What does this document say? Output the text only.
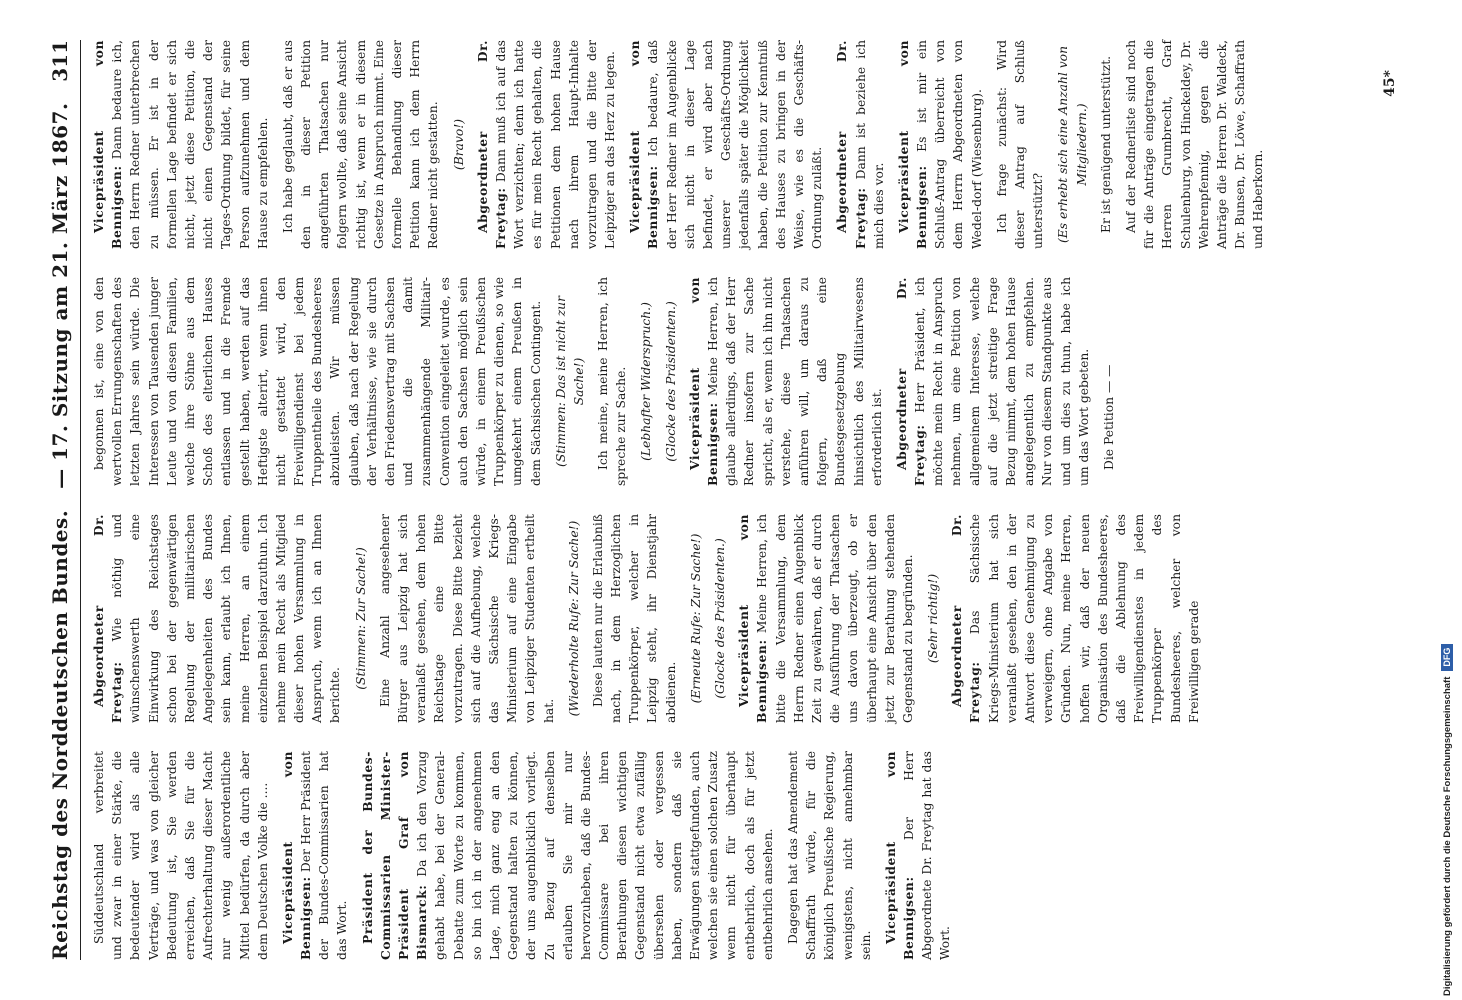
Reichstag des Norddeutschen Bundes.
— 17. Sitzung am 21. März 1867.
311

Süddeutschland verbreitet und zwar in einer Stärke, die bedeutender wird als alle Verträge, und was von gleicher Bedeutung ist, Sie werden erreichen, daß Sie für die Aufrechterhaltung dieser Macht nur wenig außerordentliche Mittel bedürfen, da durch aber dem Deutschen Volke die .... Vicepräsident von Bennigsen: Der Herr Präsident der Bundes-Commissarien hat das Wort. Präsident der Bundes-Commissarien Minister-Präsident Graf von Bismarck: Da ich den Vorzug gehabt habe, bei der General-Debatte zum Worte zu kommen, so bin ich in der angenehmen Lage, mich ganz eng an den Gegenstand halten zu können, der uns augenblicklich vorliegt. Zu Bezug auf denselben erlauben Sie mir nur hervorzuheben, daß die Bundes-Commissare bei ihren Berathungen diesen wichtigen Gegenstand nicht etwa zufällig übersehen oder vergessen haben, sondern daß sie Erwägungen stattgefunden, auch welchen sie einen solchen Zusatz wenn nicht für überhaupt entbehrlich, doch als für jetzt entbehrlich ansehen. Dagegen hat das Amendement Schaffrath würde, für die königlich Preußische Regierung, wenigstens, nicht annehmbar sein.

Vicepräsident von Bennigsen: Der Herr Abgeordnete Dr. Freytag hat das Wort.

Abgeordneter Dr. Freytag: Wie nöthig und wünschenswerth eine Einwirkung des Reichstages schon bei der gegenwärtigen Regelung der militairischen Angelegenheiten des Bundes sein kann, erlaubt ich Ihnen, meine Herren, an einem einzelnen Beispiel darzuthun. Ich nehme mein Recht als Mitglied dieser hohen Versammlung in Anspruch, wenn ich an Ihnen berichte.

(Stimmen: Zur Sache!) Eine Anzahl angesehener Bürger aus Leipzig hat sich veranlaßt gesehen, dem hohen Reichstage eine Bitte vorzutragen. Diese Bitte bezieht sich auf die Aufhebung, welche das Sächsische Kriegs-Ministerium auf eine Eingabe von Leipziger Studenten ertheilt hat. (Wiederholte Rufe: Zur Sache!) Diese lauten nur die Erlaubniß nach, in dem Herzoglichen Truppenkörper, welcher in Leipzig steht, ihr Dienstjahr abdienen. (Erneute Rufe: Zur Sache!) (Glocke des Präsidenten.) Vicepräsident von Bennigsen: Meine Herren, ich bitte die Versammlung, dem Herrn Redner einen Augenblick Zeit zu gewähren, daß er durch die Ausführung der Thatsachen uns davon überzeugt, ob er überhaupt eine Ansicht über den jetzt zur Berathung stehenden Gegenstand zu begründen. (Sehr richtig!) Abgeordneter Dr. Freytag: Das Sächsische Kriegs-Ministerium hat sich veranlaßt gesehen, den in der Antwort diese Genehmigung zu verweigern, ohne Angabe von Gründen. Nun, meine Herren, hoffen wir, daß der neuen Organisation des Bundesheeres, daß die Ablehnung des Freiwilligendienstes in jedem Truppenkörper des Bundesheeres, welcher von Freiwilligen gerade

begonnen ist, eine von den wertvollen Errungenschaften des letzten Jahres sein würde. Die Interessen von Tausenden junger Leute und von diesen Familien, welche ihre Söhne aus dem Schoß des elterlichen Hauses entlassen und in die Fremde gestellt haben, werden auf das Heftigste alterirt, wenn ihnen nicht gestattet wird, den Freiwilligendienst bei jedem Truppentheile des Bundesheeres abzuleisten. Wir müssen glauben, daß nach der Regelung der Verhältnisse, wie sie durch den Friedensvertrag mit Sachsen und die damit zusammenhängende Militair-Convention eingeleitet wurde, es auch den Sachsen möglich sein würde, in einem Preußischen Truppenkörper zu dienen, so wie umgekehrt einem Preußen in dem Sächsischen Contingent. (Stimmen: Das ist nicht zur Sache!) Ich meine, meine Herren, ich spreche zur Sache. (Lebhafter Widerspruch.) (Glocke des Präsidenten.) Vicepräsident von Bennigsen: Meine Herren, ich glaube allerdings, daß der Herr Redner insofern zur Sache spricht, als er, wenn ich ihn nicht verstehe, diese Thatsachen anführen will, um daraus zu folgern, daß eine Bundesgesetzgebung hinsichtlich des Militairwesens erforderlich ist. Abgeordneter Dr. Freytag: Herr Präsident, ich möchte mein Recht in Anspruch nehmen, um eine Petition von allgemeinem Interesse, welche auf die jetzt streitige Frage Bezug nimmt, dem hohen Hause angelegentlich zu empfehlen. Nur von diesem Standpunkte aus und um dies zu thun, habe ich um das Wort gebeten. Die Petition — —

Vicepräsident von Bennigsen: Dann bedaure ich, den Herrn Redner unterbrechen zu müssen. Er ist in der formellen Lage befindet er sich nicht, jetzt diese Petition, die nicht einen Gegenstand der Tages-Ordnung bildet, für seine Person aufzunehmen und dem Hause zu empfehlen. Ich habe geglaubt, daß er aus den in dieser Petition angeführten Thatsachen nur folgern wollte, daß seine Ansicht richtig ist, wenn er in diesem Gesetze in Anspruch nimmt. Eine formelle Behandlung dieser Petition kann ich dem Herrn Redner nicht gestatten. (Bravo!) Abgeordneter Dr. Freytag: Dann muß ich auf das Wort verzichten; denn ich hatte es für mein Recht gehalten, die Petitionen dem hohen Hause nach ihrem Haupt-Inhalte vorzutragen und die Bitte der Leipziger an das Herz zu legen. Vicepräsident von Bennigsen: Ich bedaure, daß der Herr Redner im Augenblicke sich nicht in dieser Lage befindet, er wird aber nach unserer Geschäfts-Ordnung jedenfalls später die Möglichkeit haben, die Petition zur Kenntniß des Hauses zu bringen in der Weise, wie es die Geschäfts-Ordnung zuläßt. Abgeordneter Dr. Freytag: Dann ist beziehe ich mich dies vor. Vicepräsident von Bennigsen: Es ist mir ein Schluß-Antrag überreicht von dem Herrn Abgeordneten von Wedel-dorf (Wiesenburg). Ich frage zunächst: Wird dieser Antrag auf Schluß unterstützt? (Es erhebt sich eine Anzahl von Mitgliedern.) Er ist genügend unterstützt. Auf der Rednerliste sind noch für die Anträge eingetragen die Herren Grumbrecht, Graf Schulenburg, von Hinckeldey, Dr. Wehrenpfennig, gegen die Anträge die Herren Dr. Waldeck, Dr. Bunsen, Dr. Löwe, Schaffrath und Haberkorn.

45*
Digitalisierung gefördert durch die Deutsche Forschungsgemeinschaft
DFG
